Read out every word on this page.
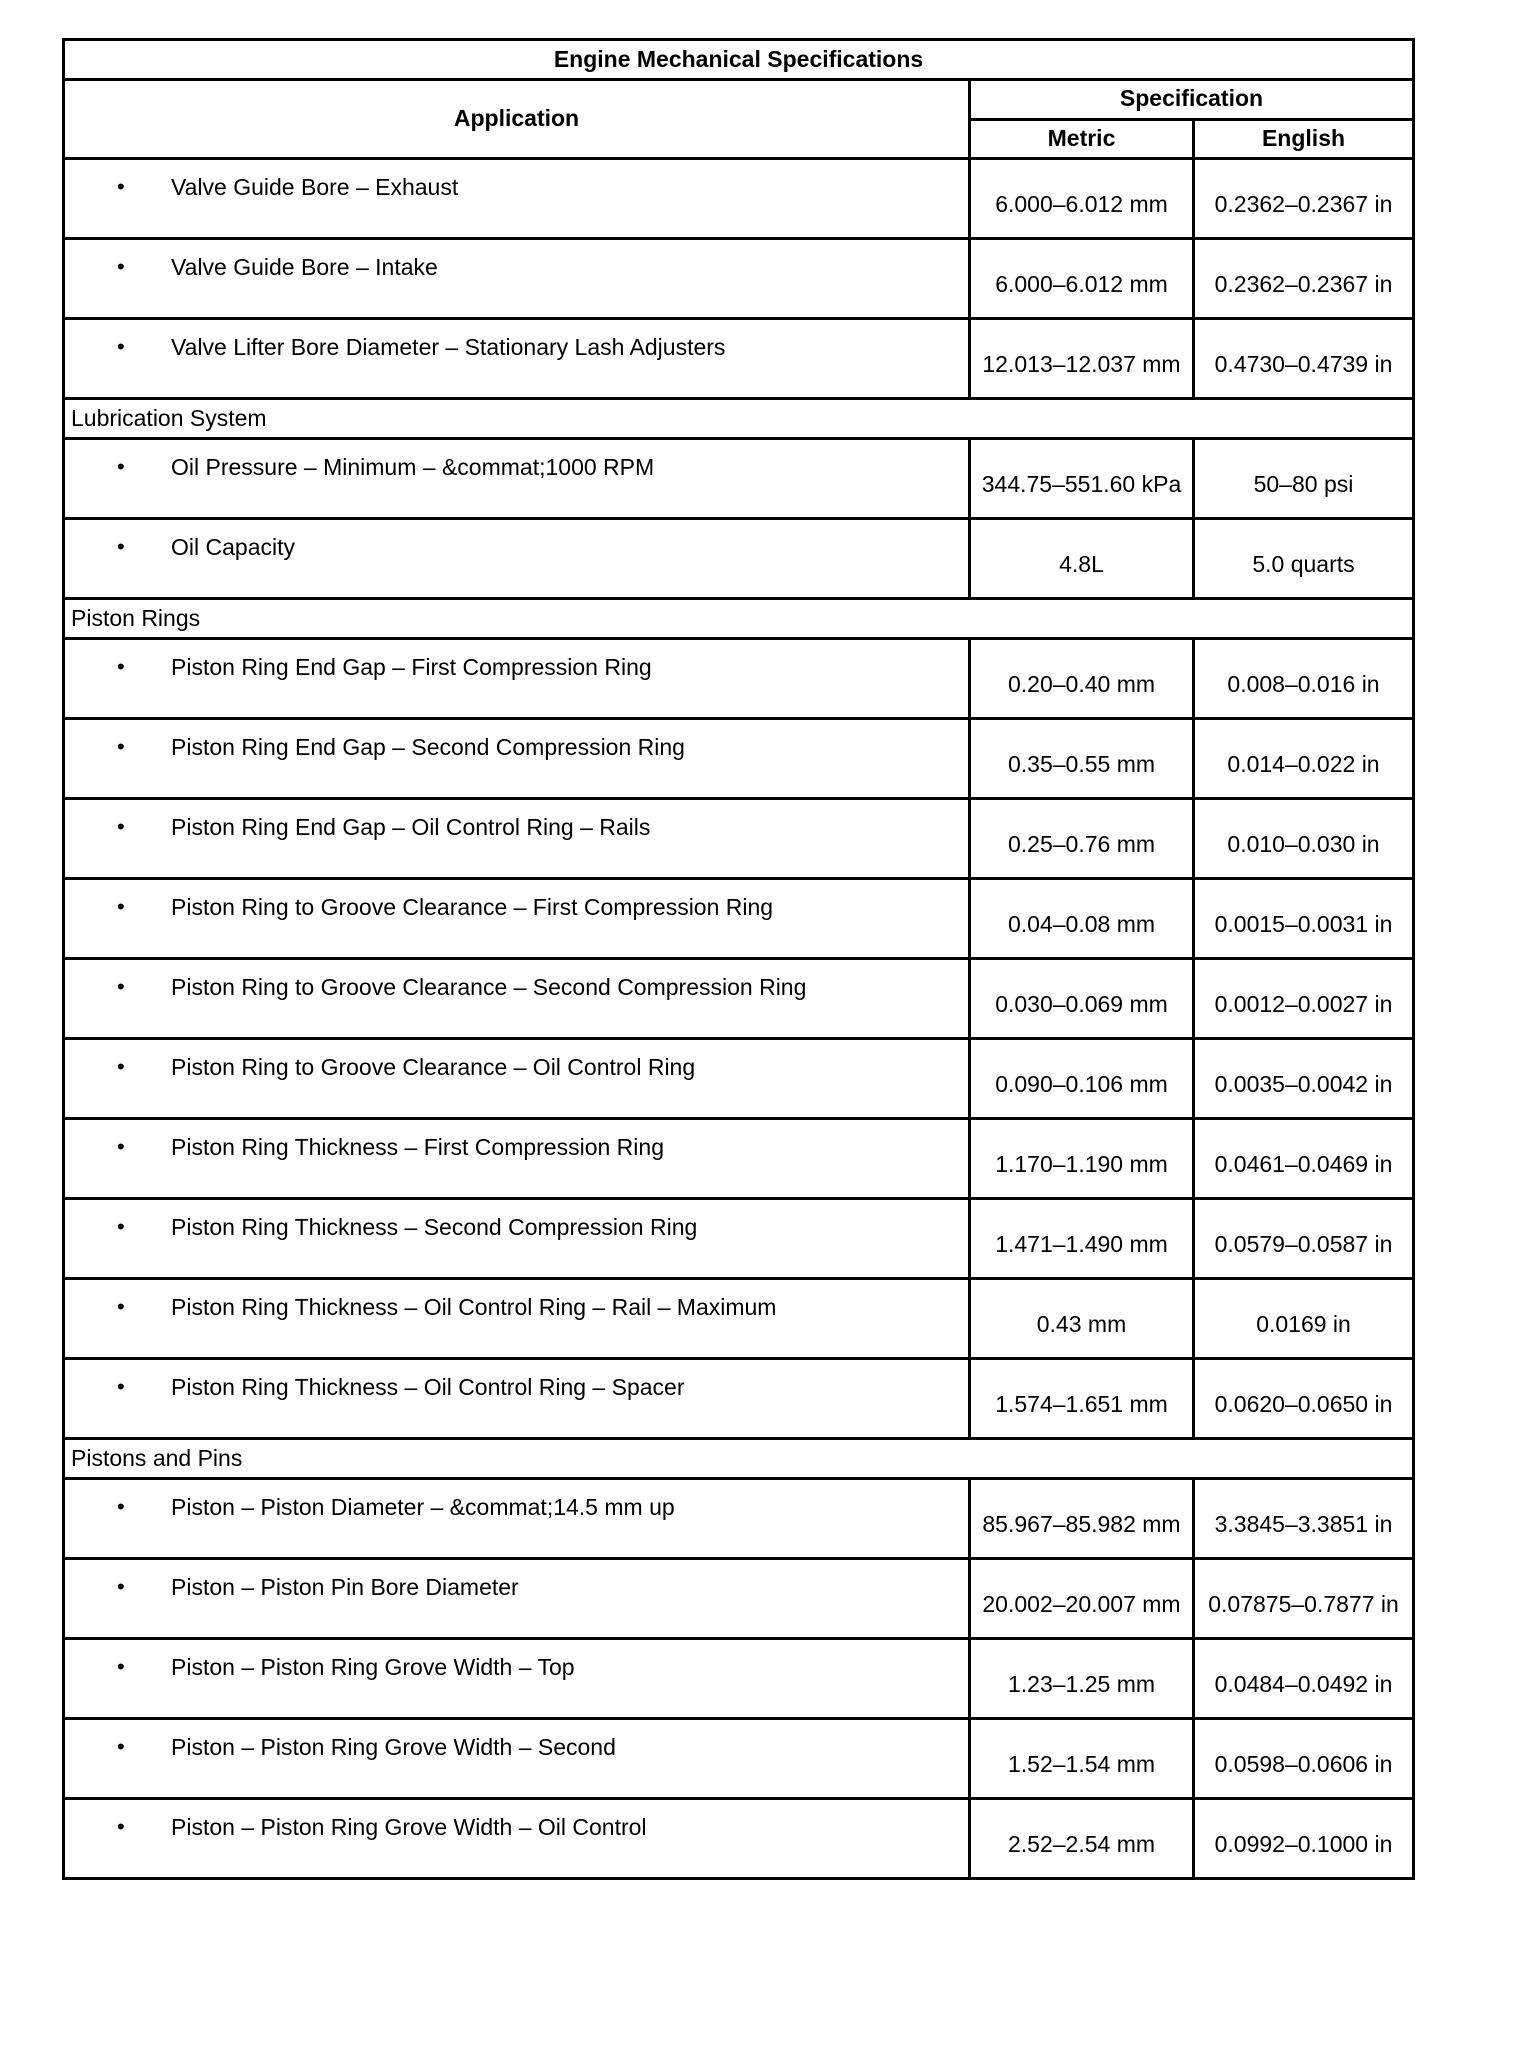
Engine Mechanical Specifications		
Application	Specification	
	Metric	English

• Valve Guide Bore – Exhaust	6.000–6.012 mm	0.2362–0.2367 in

• Valve Guide Bore – Intake	6.000–6.012 mm	0.2362–0.2367 in

• Valve Lifter Bore Diameter – Stationary Lash Adjusters	12.013–12.037 mm	0.4730–0.4739 in
Lubrication System		

• Oil Pressure – Minimum – &commat;1000 RPM	344.75–551.60 kPa	50–80 psi

• Oil Capacity	4.8L	5.0 quarts
Piston Rings		

• Piston Ring End Gap – First Compression Ring	0.20–0.40 mm	0.008–0.016 in

• Piston Ring End Gap – Second Compression Ring	0.35–0.55 mm	0.014–0.022 in

• Piston Ring End Gap – Oil Control Ring – Rails	0.25–0.76 mm	0.010–0.030 in

• Piston Ring to Groove Clearance – First Compression Ring	0.04–0.08 mm	0.0015–0.0031 in

• Piston Ring to Groove Clearance – Second Compression Ring	0.030–0.069 mm	0.0012–0.0027 in

• Piston Ring to Groove Clearance – Oil Control Ring	0.090–0.106 mm	0.0035–0.0042 in

• Piston Ring Thickness – First Compression Ring	1.170–1.190 mm	0.0461–0.0469 in

• Piston Ring Thickness – Second Compression Ring	1.471–1.490 mm	0.0579–0.0587 in

• Piston Ring Thickness – Oil Control Ring – Rail – Maximum	0.43 mm	0.0169 in

• Piston Ring Thickness – Oil Control Ring – Spacer	1.574–1.651 mm	0.0620–0.0650 in
Pistons and Pins		

• Piston – Piston Diameter – &commat;14.5 mm up	85.967–85.982 mm	3.3845–3.3851 in

• Piston – Piston Pin Bore Diameter	20.002–20.007 mm	0.07875–0.7877 in

• Piston – Piston Ring Grove Width – Top	1.23–1.25 mm	0.0484–0.0492 in

• Piston – Piston Ring Grove Width – Second	1.52–1.54 mm	0.0598–0.0606 in

• Piston – Piston Ring Grove Width – Oil Control	2.52–2.54 mm	0.0992–0.1000 in
